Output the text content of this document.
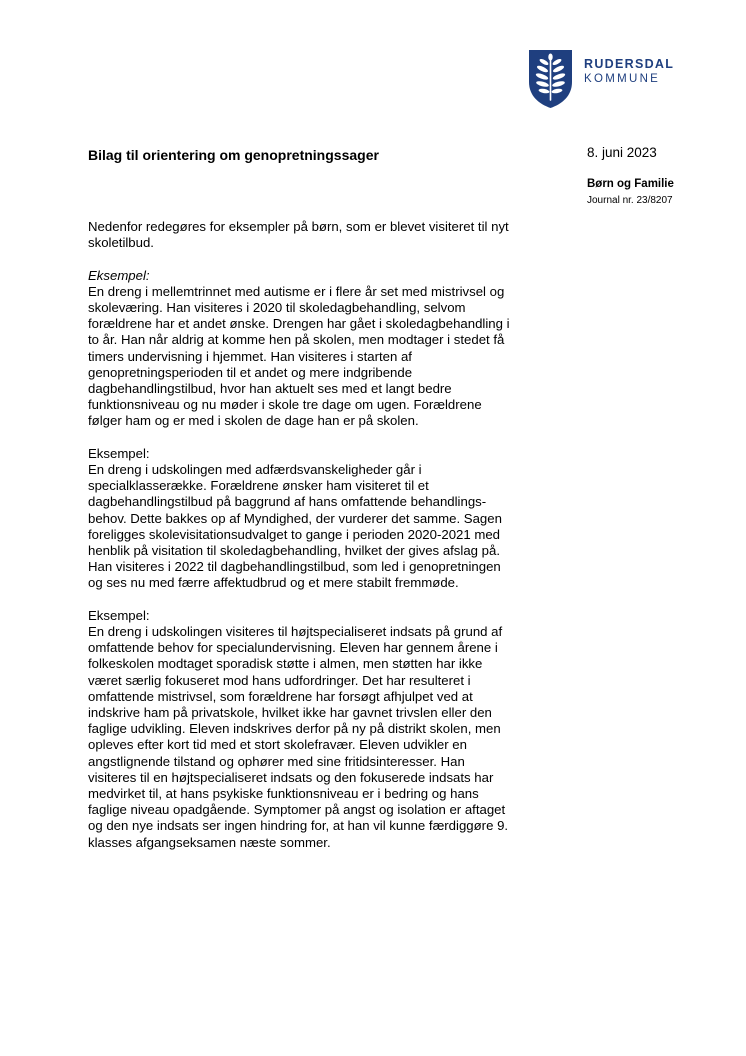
RUDERSDAL
KOMMUNE
Bilag til orientering om genopretningssager	8. juni 2023
Børn og Familie
Journal nr. 23/8207
Nedenfor redegøres for eksempler på børn, som er blevet visiteret til nyt
skoletilbud.
Eksempel:
En dreng i mellemtrinnet med autisme er i flere år set med mistrivsel og
skoleværing. Han visiteres i 2020 til skoledagbehandling, selvom
forældrene har et andet ønske. Drengen har gået i skoledagbehandling i
to år. Han når aldrig at komme hen på skolen, men modtager i stedet få
timers undervisning i hjemmet. Han visiteres i starten af
genopretningsperioden til et andet og mere indgribende
dagbehandlingstilbud, hvor han aktuelt ses med et langt bedre
funktionsniveau og nu møder i skole tre dage om ugen. Forældrene
følger ham og er med i skolen de dage han er på skolen.
Eksempel:
En dreng i udskolingen med adfærdsvanskeligheder går i
specialklasserække. Forældrene ønsker ham visiteret til et
dagbehandlingstilbud på baggrund af hans omfattende behandlings-
behov. Dette bakkes op af Myndighed, der vurderer det samme. Sagen
foreligges skolevisitationsudvalget to gange i perioden 2020-2021 med
henblik på visitation til skoledagbehandling, hvilket der gives afslag på.
Han visiteres i 2022 til dagbehandlingstilbud, som led i genopretningen
og ses nu med færre affektudbrud og et mere stabilt fremmøde.
Eksempel:
En dreng i udskolingen visiteres til højtspecialiseret indsats på grund af
omfattende behov for specialundervisning. Eleven har gennem årene i
folkeskolen modtaget sporadisk støtte i almen, men støtten har ikke
været særlig fokuseret mod hans udfordringer. Det har resulteret i
omfattende mistrivsel, som forældrene har forsøgt afhjulpet ved at
indskrive ham på privatskole, hvilket ikke har gavnet trivslen eller den
faglige udvikling. Eleven indskrives derfor på ny på distrikt skolen, men
opleves efter kort tid med et stort skolefravær. Eleven udvikler en
angstlignende tilstand og ophører med sine fritidsinteresser. Han
visiteres til en højtspecialiseret indsats og den fokuserede indsats har
medvirket til, at hans psykiske funktionsniveau er i bedring og hans
faglige niveau opadgående. Symptomer på angst og isolation er aftaget
og den nye indsats ser ingen hindring for, at han vil kunne færdiggøre 9.
klasses afgangseksamen næste sommer.
